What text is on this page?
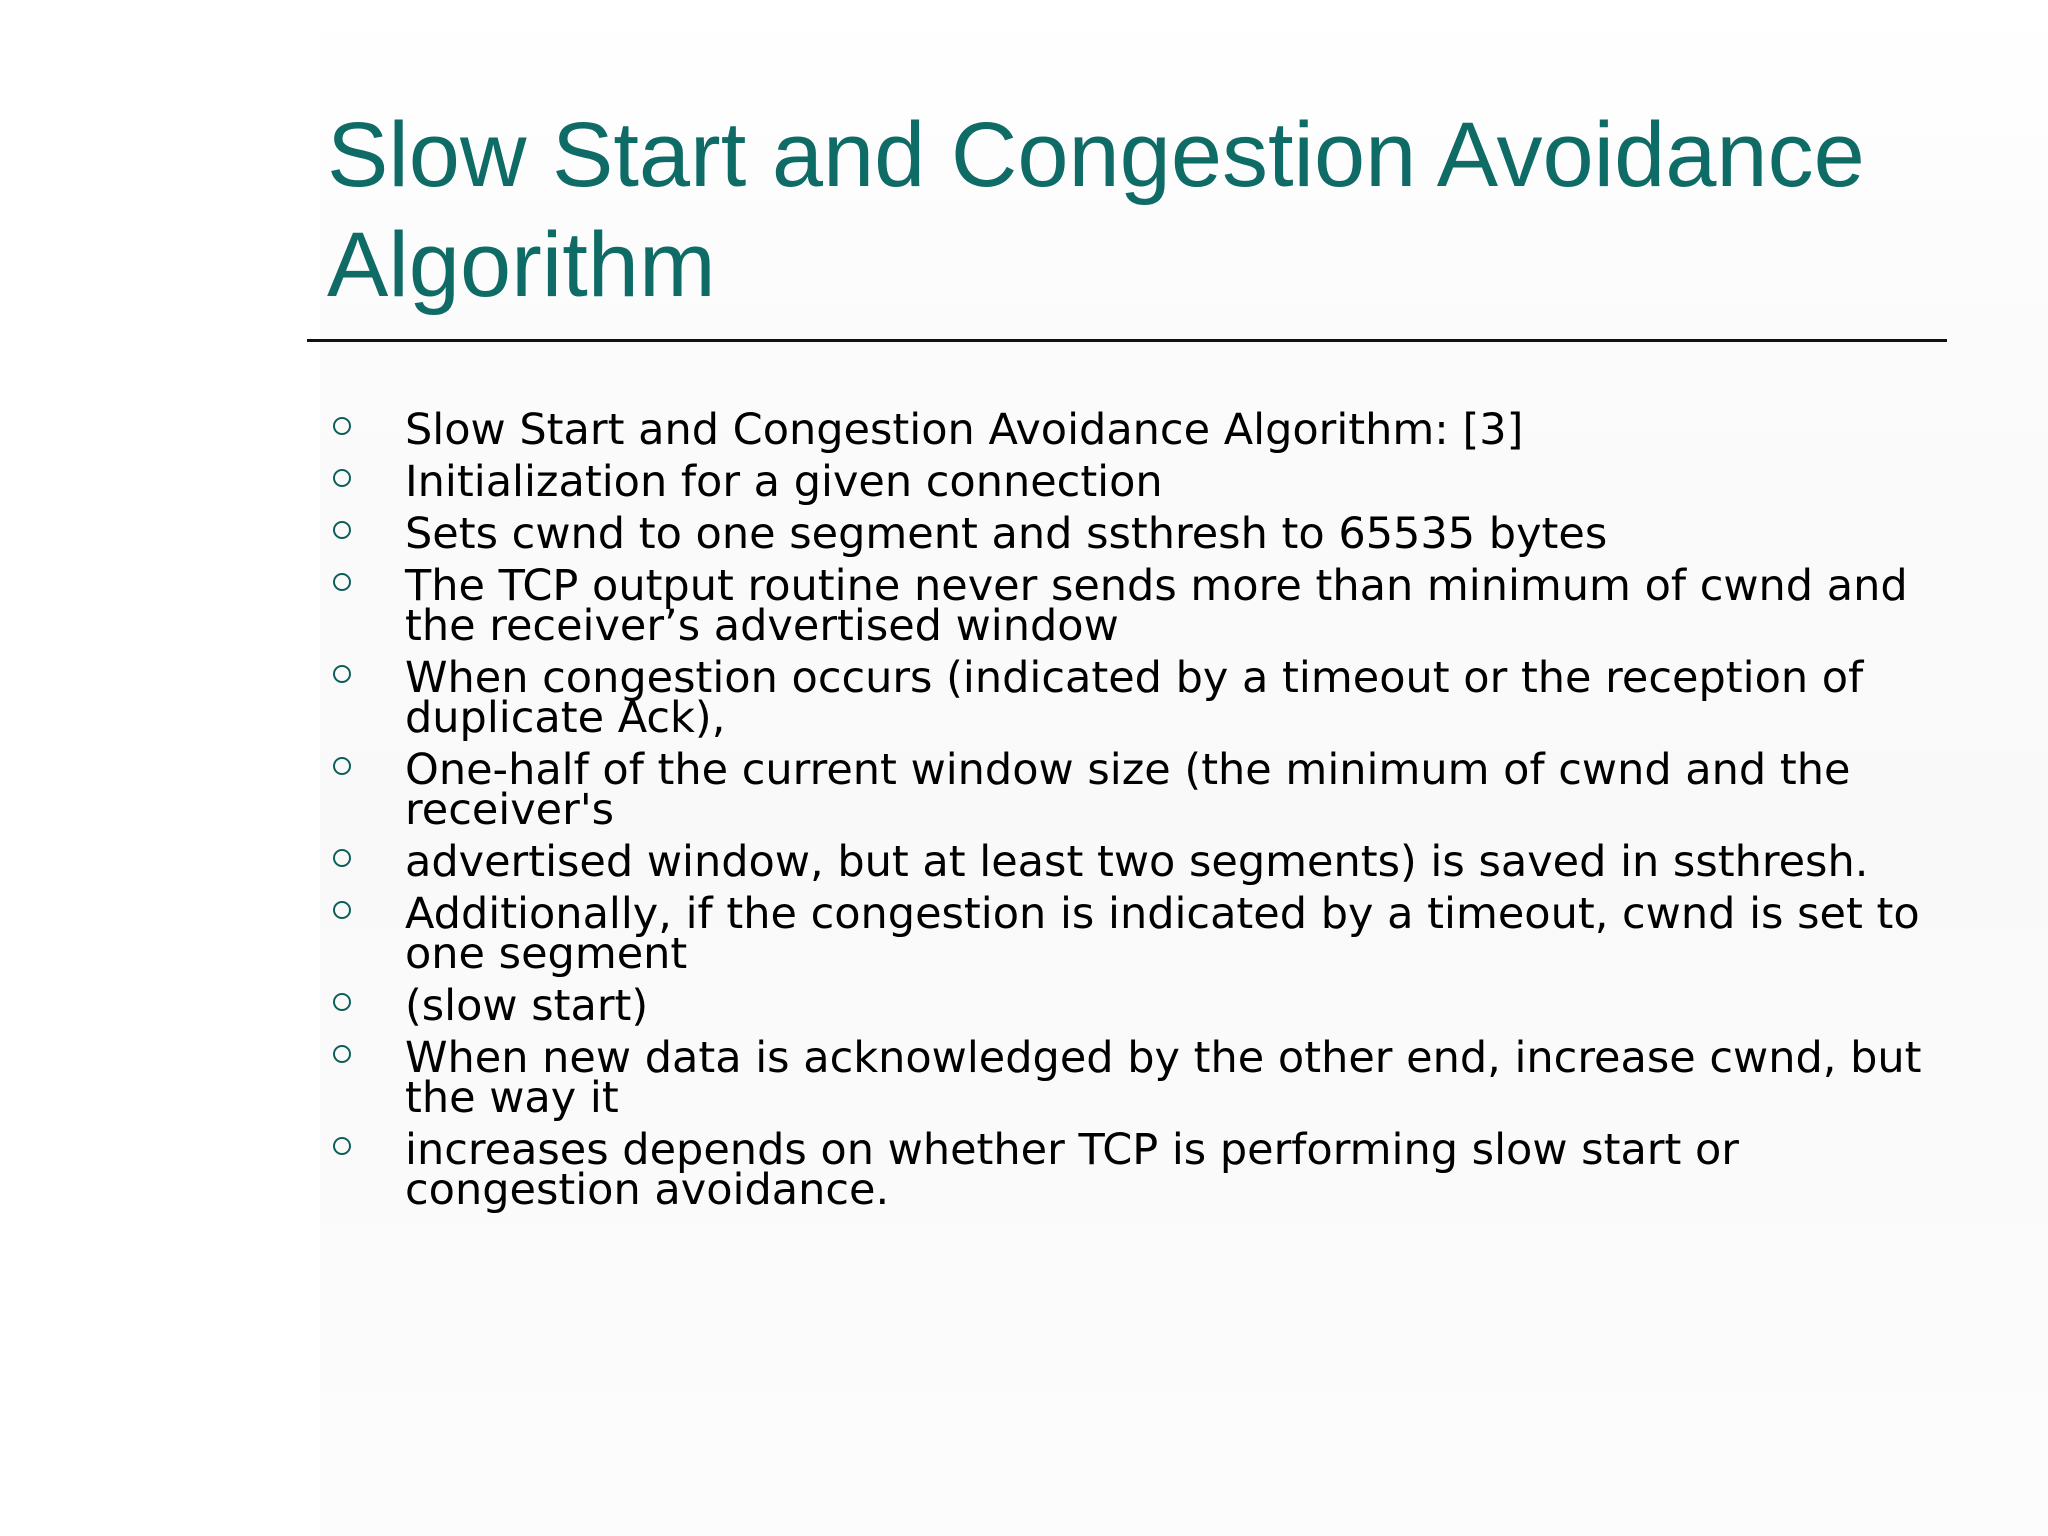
Slow Start and Congestion Avoidance Algorithm
Slow Start and Congestion Avoidance Algorithm: [3]
Initialization for a given connection
Sets cwnd to one segment and ssthresh to 65535 bytes
The TCP output routine never sends more than minimum of cwnd and the receiver’s advertised window
When congestion occurs (indicated by a timeout or the reception of duplicate Ack),
One-half of the current window size (the minimum of cwnd and the receiver's
advertised window, but at least two segments) is saved in ssthresh.
Additionally, if the congestion is indicated by a timeout, cwnd is set to one segment
(slow start)
When new data is acknowledged by the other end, increase cwnd, but the way it
increases depends on whether TCP is performing slow start or congestion avoidance.
